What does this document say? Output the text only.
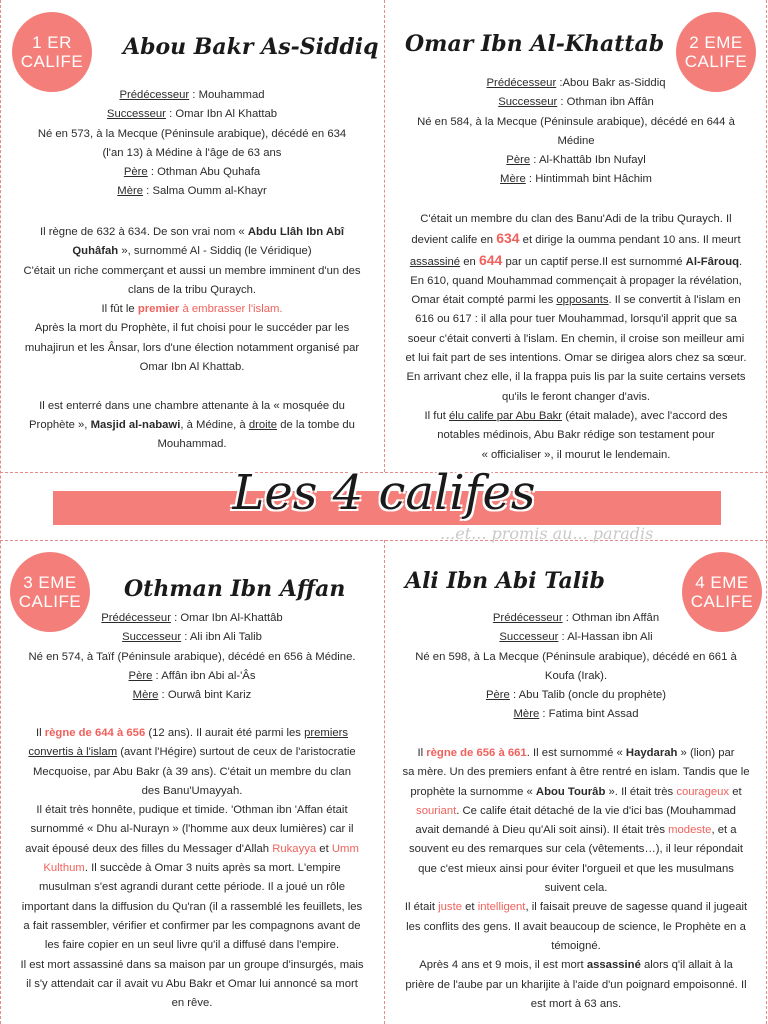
1 ER
CALIFE
Abou Bakr As-Siddiq

Prédécesseur : Mouhammad

Successeur : Omar Ibn Al Khattab

Né en 573, à la Mecque (Péninsule arabique), décédé en 634

(l'an 13) à Médine à l'âge de 63 ans

Père : Othman Abu Quhafa

Mère : Salma Oumm al-Khayr

Il règne de 632 à 634. De son vrai nom « Abdu Llâh Ibn Abî

Quhâfah », surnommé Al - Siddiq (le Véridique)

C'était un riche commerçant et aussi un membre imminent d'un des

clans de la tribu Quraych.

Il fût le premier à embrasser l'islam.

Après la mort du Prophète, il fut choisi pour le succéder par les

muhajirun et les Ânsar, lors d'une élection notamment organisé par

Omar Ibn Al Khattab.

Il est enterré dans une chambre attenante à la « mosquée du

Prophète », Masjid al-nabawi, à Médine, à droite de la tombe du

Mouhammad.

2 EME
CALIFE
Omar Ibn Al-Khattab

Prédécesseur :Abou Bakr as-Siddiq

Successeur : Othman ibn Affân

Né en 584, à la Mecque (Péninsule arabique), décédé en 644 à

Médine

Père : Al-Khattâb Ibn Nufayl

Mère : Hintimmah bint Hâchim

C'était un membre du clan des Banu'Adi de la tribu Quraych. Il

devient calife en 634 et dirige la oumma pendant 10 ans. Il meurt

assassiné en 644 par un captif perse.Il est surnommé Al-Fârouq.

En 610, quand Mouhammad commençait à propager la révélation,

Omar était compté parmi les opposants. Il se convertit à l'islam en

616 ou 617 : il alla pour tuer Mouhammad, lorsqu'il apprit que sa

soeur c'était converti à l'islam. En chemin, il croise son meilleur ami

et lui fait part de ses intentions. Omar se dirigea alors chez sa sœur.

En arrivant chez elle, il la frappa puis lis par la suite certains versets

qu'ils le feront changer d'avis.

Il fut élu calife par Abu Bakr (était malade), avec l'accord des

notables médinois, Abu Bakr rédige son testament pour

« officialiser », il mourut le lendemain.

Les 4 califes
...et... promis au... paradis
3 EME
CALIFE Othman Ibn Affan

Prédécesseur : Omar Ibn Al-Khattâb

Successeur : Ali ibn Ali Talib

Né en 574, à Taïf (Péninsule arabique), décédé en 656 à Médine.

Père : Affân ibn Abi al-'Âs

Mère : Ourwâ bint Kariz

Il règne de 644 à 656 (12 ans). Il aurait été parmi les premiers

convertis à l'islam (avant l'Hégire) surtout de ceux de l'aristocratie

Mecquoise, par Abu Bakr (à 39 ans). C'était un membre du clan

des Banu'Umayyah.

Il était très honnête, pudique et timide. 'Othman ibn 'Affan était

surnommé « Dhu al-Nurayn » (l'homme aux deux lumières) car il

avait épousé deux des filles du Messager d'Allah Rukayya et Umm

Kulthum. Il succède à Omar 3 nuits après sa mort. L'empire

musulman s'est agrandi durant cette période. Il a joué un rôle

important dans la diffusion du Qu'ran (il a rassemblé les feuillets, les

a fait rassembler, vérifier et confirmer par les compagnons avant de

les faire copier en un seul livre qu'il a diffusé dans l'empire.

Il est mort assassiné dans sa maison par un groupe d'insurgés, mais

il s'y attendait car il avait vu Abu Bakr et Omar lui annoncé sa mort

en rêve.

4 EME
CALIFE
Ali Ibn Abi Talib

Prédécesseur : Othman ibn Affân

Successeur : Al-Hassan ibn Ali

Né en 598, à La Mecque (Péninsule arabique), décédé en 661 à

Koufa (Irak).

Père : Abu Talib (oncle du prophète)

Mère : Fatima bint Assad

Il règne de 656 à 661. Il est surnommé « Haydarah » (lion) par

sa mère. Un des premiers enfant à être rentré en islam. Tandis que le

prophète la surnomme « Abou Tourâb ». Il était très courageux et

souriant. Ce calife était détaché de la vie d'ici bas (Mouhammad

avait demandé à Dieu qu'Ali soit ainsi). Il était très modeste, et a

souvent eu des remarques sur cela (vêtements…), il leur répondait

que c'est mieux ainsi pour éviter l'orgueil et que les musulmans

suivent cela.

Il était juste et intelligent, il faisait preuve de sagesse quand il jugeait

les conflits des gens. Il avait beaucoup de science, le Prophète en a

témoigné.

Après 4 ans et 9 mois, il est mort assassiné alors q'il allait à la

prière de l'aube par un kharijite à l'aide d'un poignard empoisonné. Il

est mort à 63 ans.
